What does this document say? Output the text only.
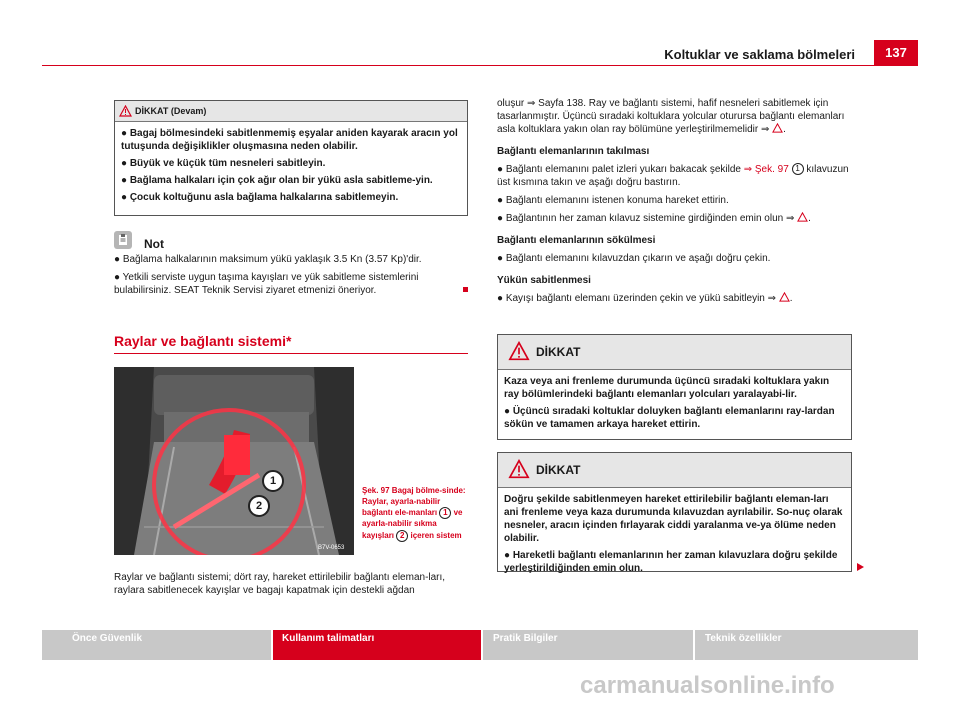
Koltuklar ve saklama bölmeleri	137
DİKKAT (Devam)

● Bagaj bölmesindeki sabitlenmemiş eşyalar aniden kayarak aracın yol tutuşunda değişiklikler oluşmasına neden olabilir.

● Büyük ve küçük tüm nesneleri sabitleyin.

● Bağlama halkaları için çok ağır olan bir yükü asla sabitleme-yin.

● Çocuk koltuğunu asla bağlama halkalarına sabitlemeyin.

Not

● Bağlama halkalarının maksimum yükü yaklaşık 3.5 Kn (3.57 Kp)'dir.

● Yetkili serviste uygun taşıma kayışları ve yük sabitleme sistemlerini bulabilirsiniz. SEAT Teknik Servisi ziyaret etmenizi öneriyor.

Raylar ve bağlantı sistemi*
1
2
B7V-0653
Şek. 97 Bagaj bölme-sinde: Raylar, ayarla-nabilir bağlantı ele-manları 1 ve ayarla-nabilir sıkma kayışları 2 içeren sistem
Raylar ve bağlantı sistemi; dört ray, hareket ettirilebilir bağlantı eleman-ları, raylara sabitlenecek kayışlar ve bagajı kapatmak için destekli ağdan

oluşur ⇒ Sayfa 138. Ray ve bağlantı sistemi, hafif nesneleri sabitlemek için tasarlanmıştır. Üçüncü sıradaki koltuklara yolcular oturursa bağlantı elemanları asla koltuklara yakın olan ray bölümüne yerleştirilmemelidir ⇒ .

Bağlantı elemanlarının takılması

● Bağlantı elemanını palet izleri yukarı bakacak şekilde ⇒ Şek. 97 1 kılavuzun üst kısmına takın ve aşağı doğru bastırın.

● Bağlantı elemanını istenen konuma hareket ettirin.

● Bağlantının her zaman kılavuz sistemine girdiğinden emin olun ⇒ .

Bağlantı elemanlarının sökülmesi

● Bağlantı elemanını kılavuzdan çıkarın ve aşağı doğru çekin.

Yükün sabitlenmesi

● Kayışı bağlantı elemanı üzerinden çekin ve yükü sabitleyin ⇒ .

DİKKAT

Kaza veya ani frenleme durumunda üçüncü sıradaki koltuklara yakın ray bölümlerindeki bağlantı elemanları yolcuları yaralayabi-lir.

● Üçüncü sıradaki koltuklar doluyken bağlantı elemanlarını ray-lardan sökün ve tamamen arkaya hareket ettirin.

DİKKAT

Doğru şekilde sabitlenmeyen hareket ettirilebilir bağlantı eleman-ları ani frenleme veya kaza durumunda kılavuzdan ayrılabilir. So-nuç olarak nesneler, aracın içinden fırlayarak ciddi yaralanma ve-ya ölüme neden olabilir.

● Hareketli bağlantı elemanlarının her zaman kılavuzlara doğru şekilde yerleştirildiğinden emin olun.

Önce Güvenlik	Kullanım talimatları	Pratik Bilgiler	Teknik özellikler
carmanualsonline.info
